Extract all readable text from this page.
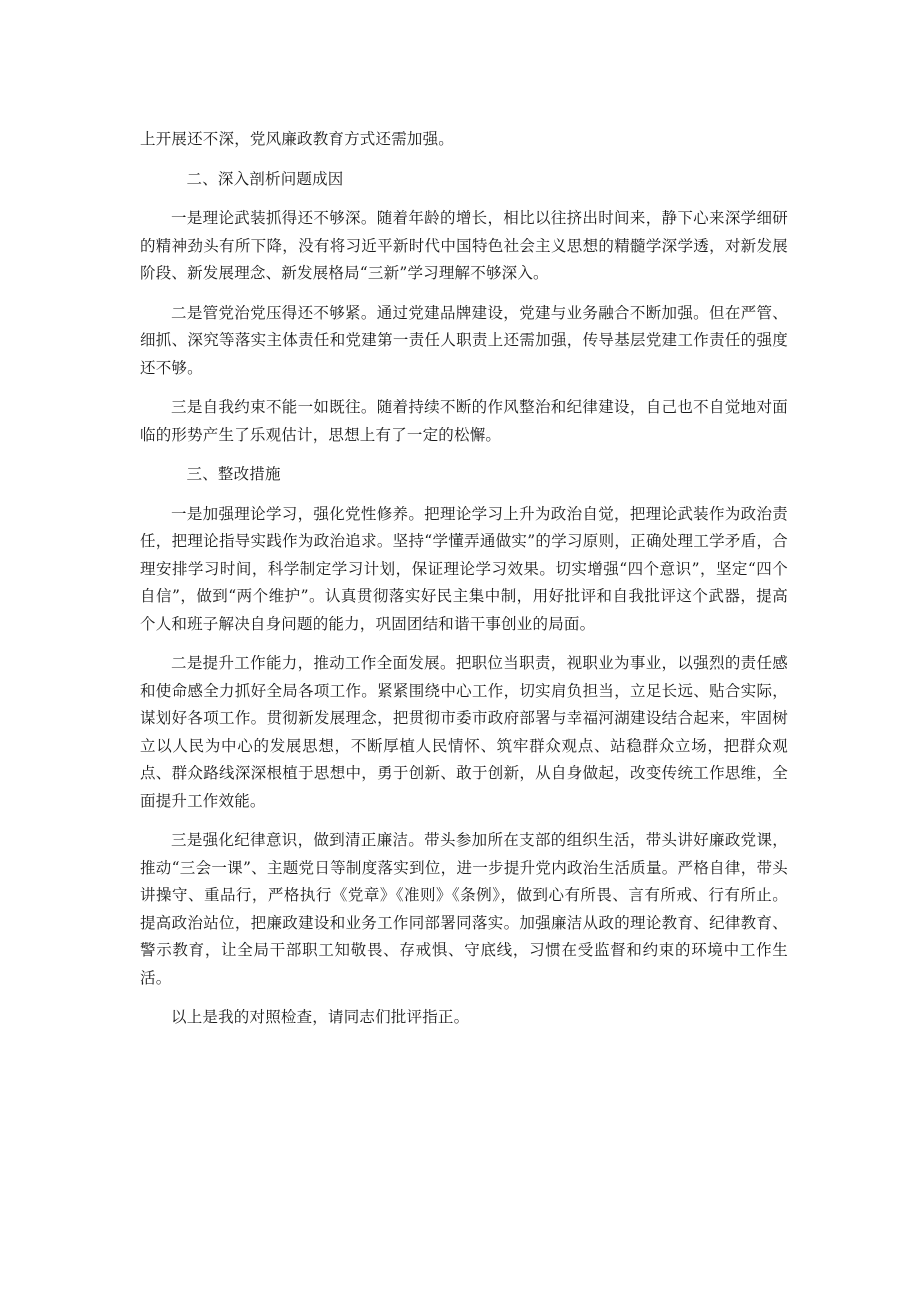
上开展还不深，党风廉政教育方式还需加强。

二、深入剖析问题成因

一是理论武装抓得还不够深。随着年龄的增长，相比以往挤出时间来，静下心来深学细研的精神劲头有所下降，没有将习近平新时代中国特色社会主义思想的精髓学深学透，对新发展阶段、新发展理念、新发展格局“三新”学习理解不够深入。

二是管党治党压得还不够紧。通过党建品牌建设，党建与业务融合不断加强。但在严管、细抓、深究等落实主体责任和党建第一责任人职责上还需加强，传导基层党建工作责任的强度还不够。

三是自我约束不能一如既往。随着持续不断的作风整治和纪律建设，自己也不自觉地对面临的形势产生了乐观估计，思想上有了一定的松懈。

三、整改措施

一是加强理论学习，强化党性修养。把理论学习上升为政治自觉，把理论武装作为政治责任，把理论指导实践作为政治追求。坚持“学懂弄通做实”的学习原则，正确处理工学矛盾，合理安排学习时间，科学制定学习计划，保证理论学习效果。切实增强“四个意识”，坚定“四个自信”，做到“两个维护”。认真贯彻落实好民主集中制，用好批评和自我批评这个武器，提高个人和班子解决自身问题的能力，巩固团结和谐干事创业的局面。

二是提升工作能力，推动工作全面发展。把职位当职责，视职业为事业，以强烈的责任感和使命感全力抓好全局各项工作。紧紧围绕中心工作，切实肩负担当，立足长远、贴合实际，谋划好各项工作。贯彻新发展理念，把贯彻市委市政府部署与幸福河湖建设结合起来，牢固树立以人民为中心的发展思想，不断厚植人民情怀、筑牢群众观点、站稳群众立场，把群众观点、群众路线深深根植于思想中，勇于创新、敢于创新，从自身做起，改变传统工作思维，全面提升工作效能。

三是强化纪律意识，做到清正廉洁。带头参加所在支部的组织生活，带头讲好廉政党课，推动“三会一课”、主题党日等制度落实到位，进一步提升党内政治生活质量。严格自律，带头讲操守、重品行，严格执行《党章》《准则》《条例》，做到心有所畏、言有所戒、行有所止。提高政治站位，把廉政建设和业务工作同部署同落实。加强廉洁从政的理论教育、纪律教育、警示教育，让全局干部职工知敬畏、存戒惧、守底线，习惯在受监督和约束的环境中工作生活。

以上是我的对照检查，请同志们批评指正。
